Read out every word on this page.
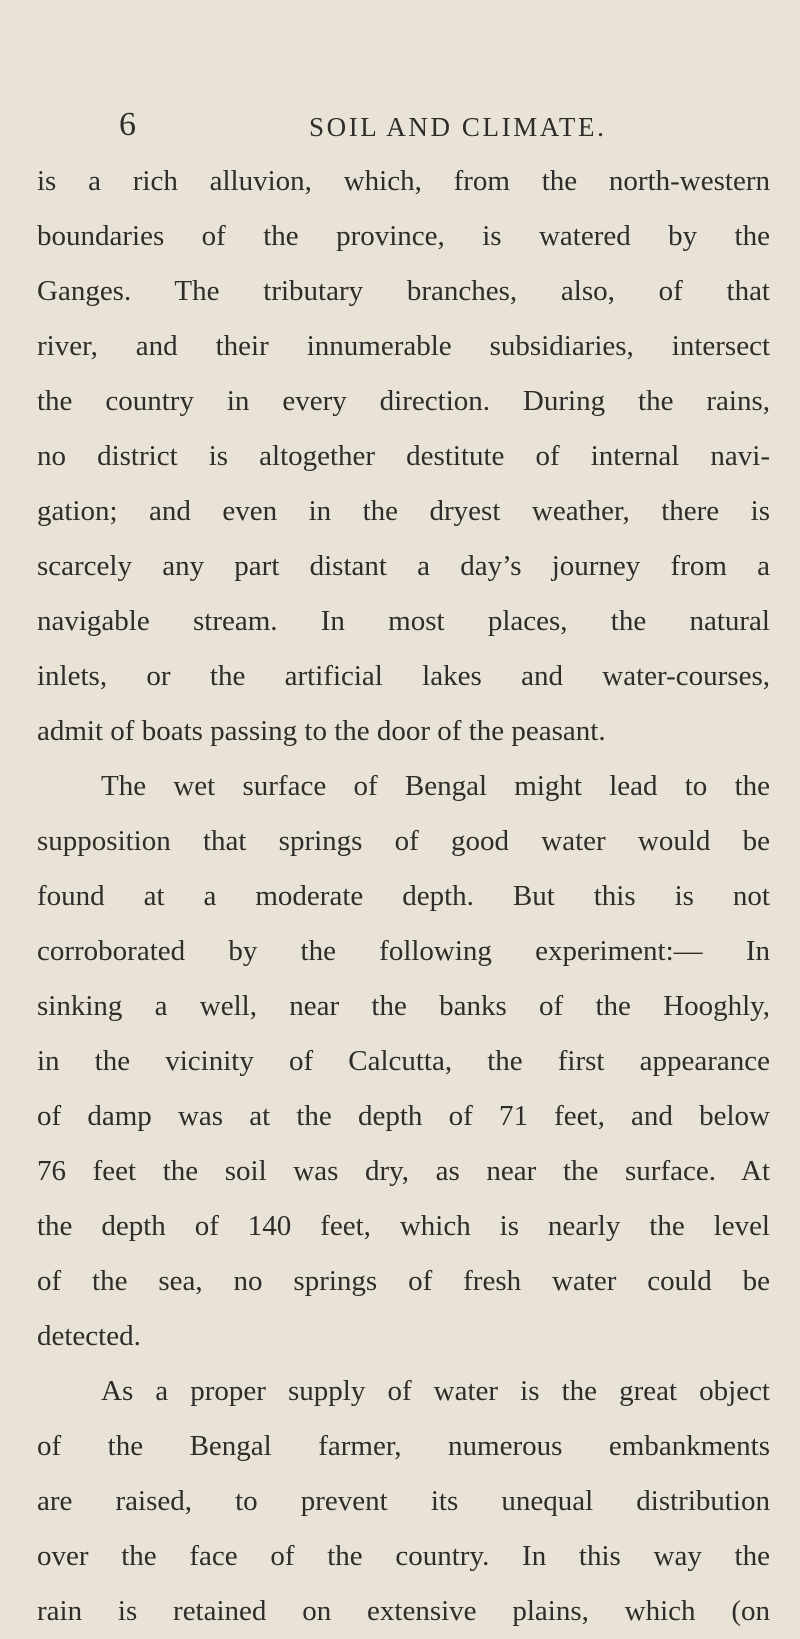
6	SOIL AND CLIMATE.
is a rich alluvion, which, from the north-western
boundaries of the province, is watered by the
Ganges. The tributary branches, also, of that
river, and their innumerable subsidiaries, intersect
the country in every direction. During the rains,
no district is altogether destitute of internal navi-
gation; and even in the dryest weather, there is
scarcely any part distant a day’s journey from a
navigable stream. In most places, the natural
inlets, or the artificial lakes and water-courses,
admit of boats passing to the door of the peasant.
The wet surface of Bengal might lead to the
supposition that springs of good water would be
found at a moderate depth. But this is not
corroborated by the following experiment:— In
sinking a well, near the banks of the Hooghly,
in the vicinity of Calcutta, the first appearance
of damp was at the depth of 71 feet, and below
76 feet the soil was dry, as near the surface. At
the depth of 140 feet, which is nearly the level
of the sea, no springs of fresh water could be
detected.
As a proper supply of water is the great object
of the Bengal farmer, numerous embankments
are raised, to prevent its unequal distribution
over the face of the country. In this way the
rain is retained on extensive plains, which (on
